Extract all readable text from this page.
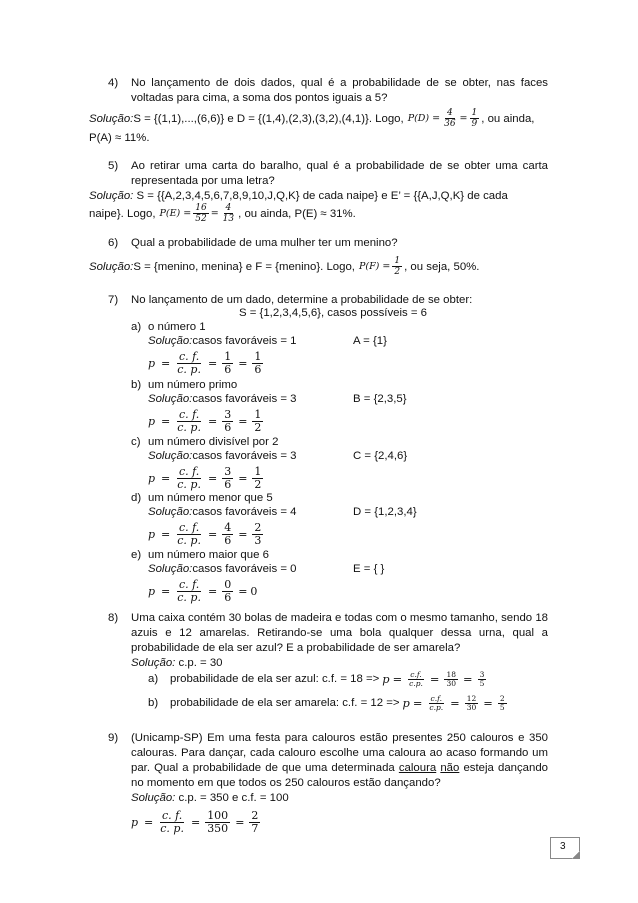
4) No lançamento de dois dados, qual é a probabilidade de se obter, nas faces voltadas para cima, a soma dos pontos iguais a 5?
Solução: S = {(1,1),...,(6,6)} e D = {(1,4),(2,3),(3,2),(4,1)}. Logo, $P(D) = \frac{4}{36} = \frac{1}{9}$ , ou ainda,
P(A) ≈ 11%.
5) Ao retirar uma carta do baralho, qual é a probabilidade de se obter uma carta representada por uma letra?
Solução: S = {{A,2,3,4,5,6,7,8,9,10,J,Q,K} de cada naipe} e E’ = {{A,J,Q,K} de cada
naipe}. Logo, $P(E) = \frac{16}{52} = \frac{4}{13}$ , ou ainda, P(E) ≈ 31%.
6) Qual a probabilidade de uma mulher ter um menino?
Solução: S = {menino, menina} e F = {menino}. Logo, $P(F) = \frac{1}{2}$ , ou seja, 50%.
7) No lançamento de um dado, determine a probabilidade de se obter:
S = {1,2,3,4,5,6}, casos possíveis = 6
a) o número 1
Solução:casos favoráveis = 1	A = {1}
$p = \frac{c. f.}{c. p.} = \frac{1}{6} = \frac{1}{6}$
b) um número primo
Solução:casos favoráveis = 3	B = {2,3,5}
$p = \frac{c. f.}{c. p.} = \frac{3}{6} = \frac{1}{2}$
c) um número divisível por 2
Solução:casos favoráveis = 3	C = {2,4,6}
$p = \frac{c. f.}{c. p.} = \frac{3}{6} = \frac{1}{2}$
d) um número menor que 5
Solução:casos favoráveis = 4	D = {1,2,3,4}
$p = \frac{c. f.}{c. p.} = \frac{4}{6} = \frac{2}{3}$
e) um número maior que 6
Solução:casos favoráveis = 0	E = { }
$p = \frac{c. f.}{c. p.} = \frac{0}{6} = 0$
8) Uma caixa contém 30 bolas de madeira e todas com o mesmo tamanho, sendo 18 azuis e 12 amarelas. Retirando-se uma bola qualquer dessa urna, qual a probabilidade de ela ser azul? E a probabilidade de ser amarela?
Solução: c.p. = 30
a) probabilidade de ela ser azul: c.f. = $18 => p = \frac{c.f.}{c.p.} = \frac{18}{30} = \frac{3}{5}$
b) probabilidade de ela ser amarela: c.f. = $12 => p = \frac{c.f.}{c.p.} = \frac{12}{30} = \frac{2}{5}$
9) (Unicamp-SP) Em uma festa para calouros estão presentes 250 calouros e 350 calouras. Para dançar, cada calouro escolhe uma caloura ao acaso formando um par. Qual a probabilidade de que uma determinada caloura não esteja dançando no momento em que todos os 250 calouros estão dançando?
Solução: c.p. = 350 e c.f. = 100
$p = \frac{c. f.}{c. p.} = \frac{100}{350} = \frac{2}{7}$
3
